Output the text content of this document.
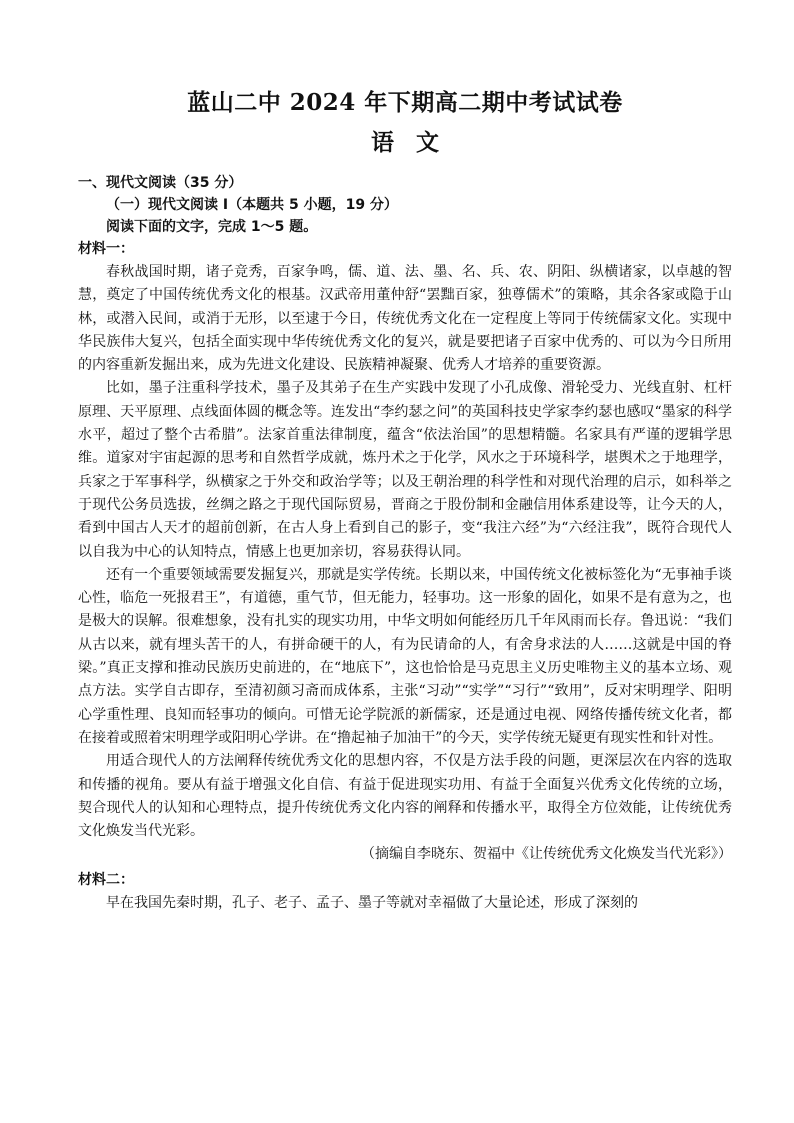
蓝山二中 2024 年下期高二期中考试试卷
语文
一、现代文阅读（35 分）
（一）现代文阅读 I（本题共 5 小题，19 分）
阅读下面的文字，完成 1～5 题。
材料一：

春秋战国时期，诸子竞秀，百家争鸣，儒、道、法、墨、名、兵、农、阴阳、纵横诸家，以卓越的智慧，奠定了中国传统优秀文化的根基。汉武帝用董仲舒“罢黜百家，独尊儒术”的策略，其余各家或隐于山林，或潜入民间，或消于无形，以至逮于今日，传统优秀文化在一定程度上等同于传统儒家文化。实现中华民族伟大复兴，包括全面实现中华传统优秀文化的复兴，就是要把诸子百家中优秀的、可以为今日所用的内容重新发掘出来，成为先进文化建设、民族精神凝聚、优秀人才培养的重要资源。

比如，墨子注重科学技术，墨子及其弟子在生产实践中发现了小孔成像、滑轮受力、光线直射、杠杆原理、天平原理、点线面体圆的概念等。连发出“李约瑟之问”的英国科技史学家李约瑟也感叹“墨家的科学水平，超过了整个古希腊”。法家首重法律制度，蕴含“依法治国”的思想精髓。名家具有严谨的逻辑学思维。道家对宇宙起源的思考和自然哲学成就，炼丹术之于化学，风水之于环境科学，堪舆术之于地理学，兵家之于军事科学，纵横家之于外交和政治学等；以及王朝治理的科学性和对现代治理的启示，如科举之于现代公务员选拔，丝绸之路之于现代国际贸易，晋商之于股份制和金融信用体系建设等，让今天的人，看到中国古人天才的超前创新，在古人身上看到自己的影子，变“我注六经”为“六经注我”，既符合现代人以自我为中心的认知特点，情感上也更加亲切，容易获得认同。

还有一个重要领域需要发掘复兴，那就是实学传统。长期以来，中国传统文化被标签化为“无事袖手谈心性，临危一死报君王”，有道德，重气节，但无能力，轻事功。这一形象的固化，如果不是有意为之，也是极大的误解。很难想象，没有扎实的现实功用，中华文明如何能经历几千年风雨而长存。鲁迅说：“我们从古以来，就有埋头苦干的人，有拼命硬干的人，有为民请命的人，有舍身求法的人……这就是中国的脊梁。”真正支撑和推动民族历史前进的，在“地底下”，这也恰恰是马克思主义历史唯物主义的基本立场、观点方法。实学自古即存，至清初颜习斋而成体系，主张“习动”“实学”“习行”“致用”，反对宋明理学、阳明心学重性理、良知而轻事功的倾向。可惜无论学院派的新儒家，还是通过电视、网络传播传统文化者，都在接着或照着宋明理学或阳明心学讲。在“撸起袖子加油干”的今天，实学传统无疑更有现实性和针对性。

用适合现代人的方法阐释传统优秀文化的思想内容，不仅是方法手段的问题，更深层次在内容的选取和传播的视角。要从有益于增强文化自信、有益于促进现实功用、有益于全面复兴优秀文化传统的立场，契合现代人的认知和心理特点，提升传统优秀文化内容的阐释和传播水平，取得全方位效能，让传统优秀文化焕发当代光彩。

（摘编自李晓东、贺福中《让传统优秀文化焕发当代光彩》）
材料二：

早在我国先秦时期，孔子、老子、孟子、墨子等就对幸福做了大量论述，形成了深刻的
